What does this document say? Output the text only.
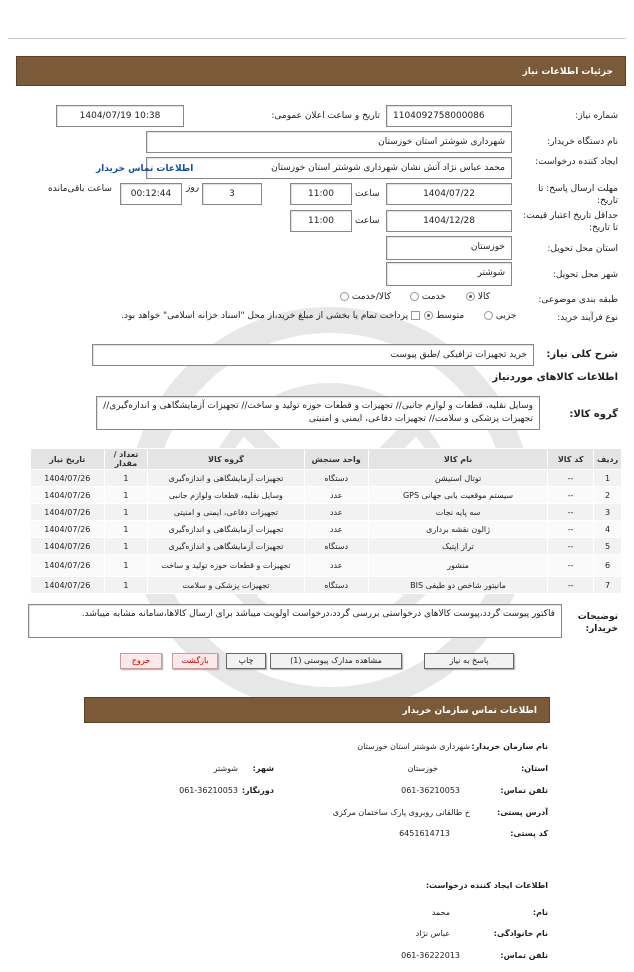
جزئیات اطلاعات نیاز
شماره نیاز:
1104092758000086
تاریخ و ساعت اعلان عمومی:
1404/07/19 10:38
نام دستگاه خریدار:
شهرداری شوشتر استان خوزستان
ایجاد کننده درخواست:
محمد عباس نژاد آتش نشان شهرداری شوشتر استان خوزستان
اطلاعات تماس خریدار
مهلت ارسال پاسخ: تا تاریخ:
1404/07/22
ساعت
11:00
3
روز
00:12:44
ساعت باقی‌مانده
حداقل تاریخ اعتبار قیمت: تا تاریخ:
1404/12/28
ساعت
11:00
استان محل تحویل:
خوزستان
شهر محل تحویل:
شوشتر
طبقه بندی موضوعی:
کالا
خدمت
کالا/خدمت
نوع فرآیند خرید:
جزیی
متوسط
پرداخت تمام یا بخشی از مبلغ خرید،از محل "اسناد خزانه اسلامی" خواهد بود.
شرح کلی نیاز:
خرید تجهیزات ترافیکی /طبق پیوست
اطلاعات کالاهای موردنیاز
گروه کالا:
وسایل نقلیه، قطعات و لوازم جانبی// تجهیزات و قطعات حوزه تولید و ساخت// تجهیزات آزمایشگاهی و اندازه‌گیری// تجهیزات پزشکی و سلامت// تجهیزات دفاعی، ایمنی و امنیتی
ردیف	کد کالا	نام کالا	واحد سنجش	گروه کالا	تعداد / مقدار	تاریخ نیاز
1	--	توتال استیشن	دستگاه	تجهیزات آزمایشگاهی و اندازه‌گیری	1	1404/07/26
2	--	سیستم موقعیت یابی جهانی GPS	عدد	وسایل نقلیه، قطعات ولوازم جانبی	1	1404/07/26
3	--	سه پایه نجات	عدد	تجهیزات دفاعی، ایمنی و امنیتی	1	1404/07/26
4	--	ژالون نقشه برداری	عدد	تجهیزات آزمایشگاهی و اندازه‌گیری	1	1404/07/26
5	--	تراز اپتیک	دستگاه	تجهیزات آزمایشگاهی و اندازه‌گیری	1	1404/07/26
6	--	منشور	عدد	تجهیزات و قطعات حوزه تولید و ساخت	1	1404/07/26
7	--	مانیتور شاخص دو طیفی BIS	دستگاه	تجهیزات پزشکی و سلامت	1	1404/07/26
توضیحات خریدار:
فاکتور پیوست گردد،پیوست کالاهای درخواستی بررسی گردد،درخواست اولویت میباشد برای ارسال کالاها،سامانه مشابه میباشد.
پاسخ به نیاز
مشاهده مدارک پیوستی (1)
چاپ
بازگشت
خروج
اطلاعات تماس سازمان خریدار
نام سازمان خریدار:
شهرداری شوشتر استان خوزستان
استان:
خوزستان
شهر:
شوشتر
تلفن تماس:
061-36210053
دورنگار:
061-36210053
آدرس پستی:
خ طالقانی روبروی پارک ساختمان مرکزی
کد پستی:
6451614713
اطلاعات ایجاد کننده درخواست:
نام:
محمد
نام خانوادگی:
عباس نژاد
تلفن تماس:
061-36222013
